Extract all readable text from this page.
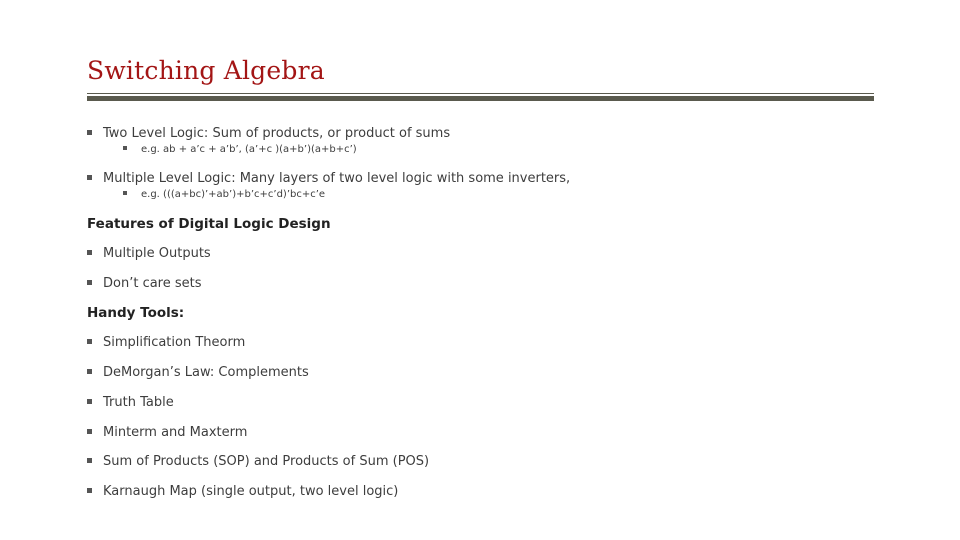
Switching Algebra
Two Level Logic: Sum of products, or product of sums
e.g. ab + a’c + a’b’, (a’+c )(a+b’)(a+b+c’)
Multiple Level Logic: Many layers of two level logic with some inverters,
e.g. (((a+bc)’+ab’)+b’c+c’d)’bc+c’e
Features of Digital Logic Design
Multiple Outputs
Don’t care sets
Handy Tools:
Simplification Theorm
DeMorgan’s Law: Complements
Truth Table
Minterm and Maxterm
Sum of Products (SOP) and Products of Sum (POS)
Karnaugh Map (single output, two level logic)
